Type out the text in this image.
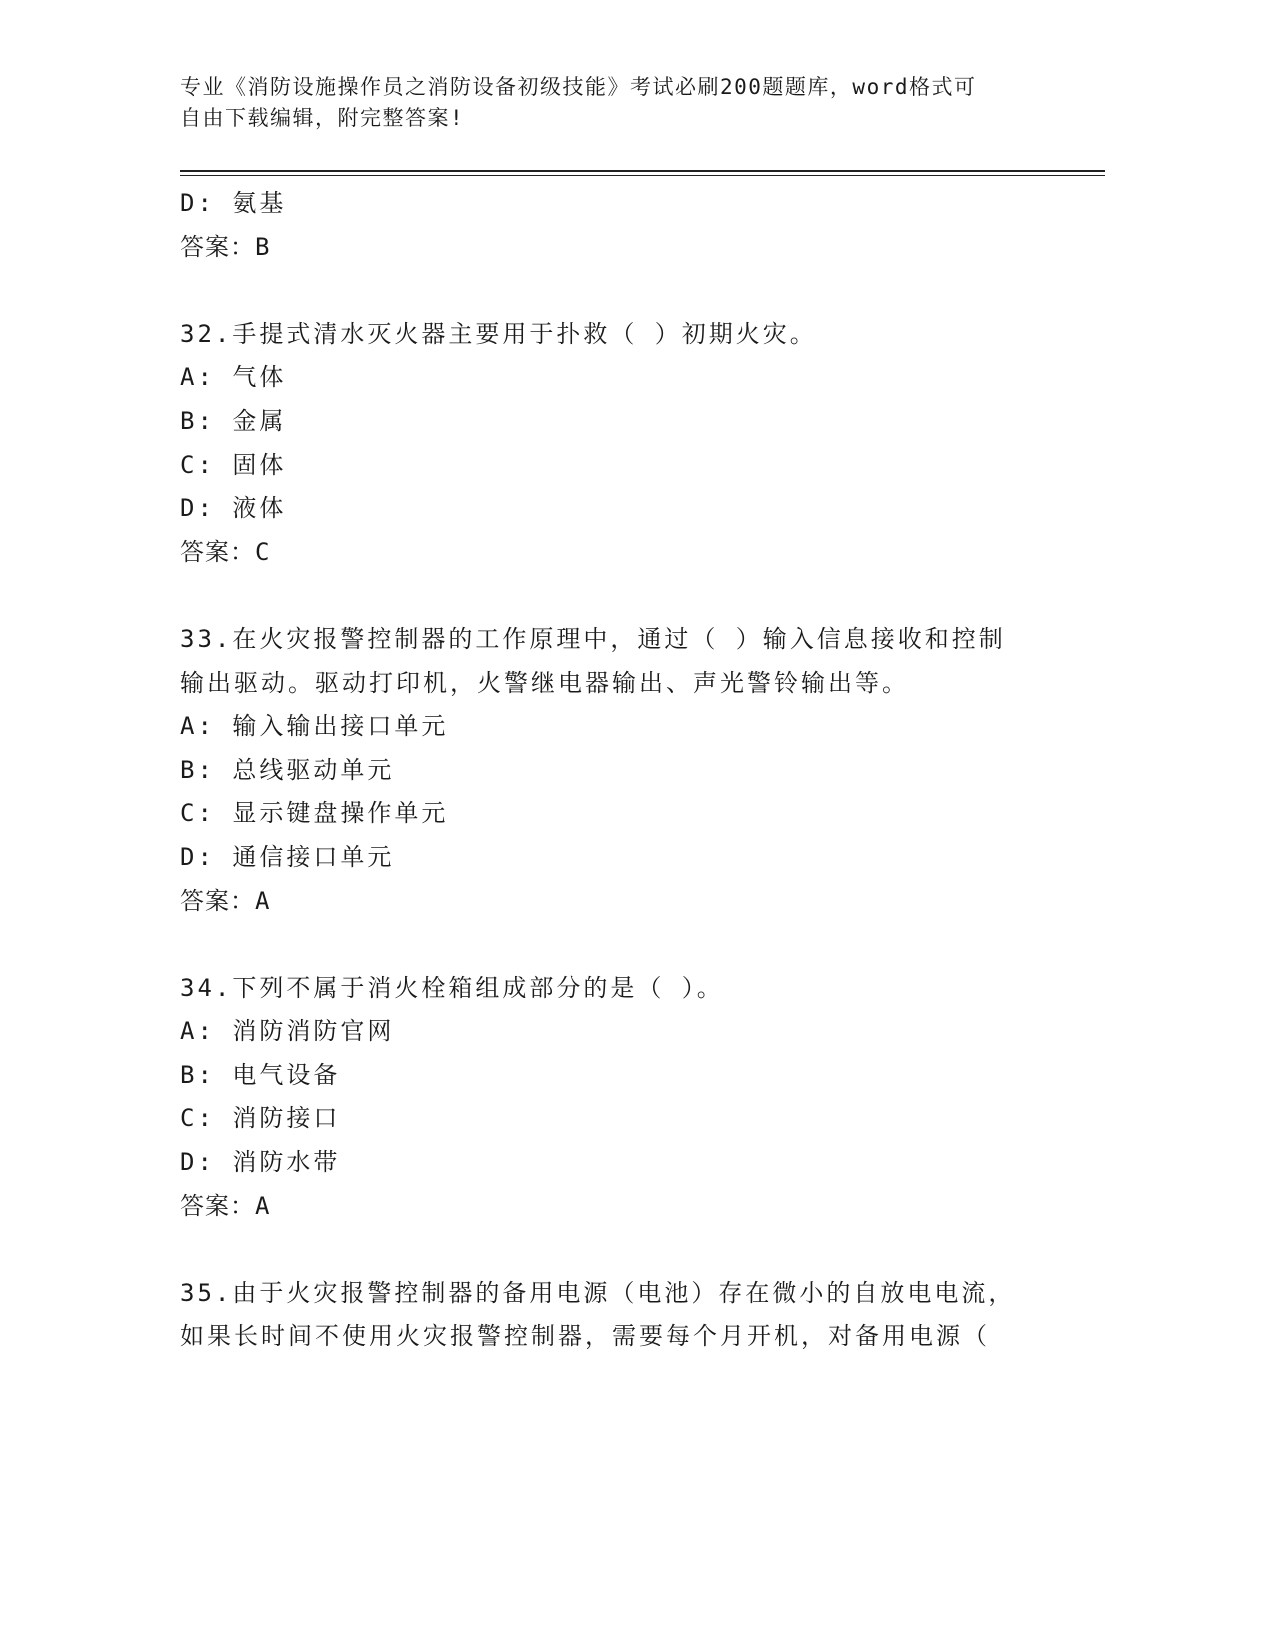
专业《消防设施操作员之消防设备初级技能》考试必刷200题题库，word格式可
自由下载编辑，附完整答案!
D: 氨基
答案：B
32.手提式清水灭火器主要用于扑救（ ）初期火灾。
A: 气体
B: 金属
C: 固体
D: 液体
答案：C
33.在火灾报警控制器的工作原理中，通过（ ）输入信息接收和控制
输出驱动。驱动打印机，火警继电器输出、声光警铃输出等。
A: 输入输出接口单元
B: 总线驱动单元
C: 显示键盘操作单元
D: 通信接口单元
答案：A
34.下列不属于消火栓箱组成部分的是（ ）。
A: 消防消防官网
B: 电气设备
C: 消防接口
D: 消防水带
答案：A
35.由于火灾报警控制器的备用电源（电池）存在微小的自放电电流，
如果长时间不使用火灾报警控制器，需要每个月开机，对备用电源（
